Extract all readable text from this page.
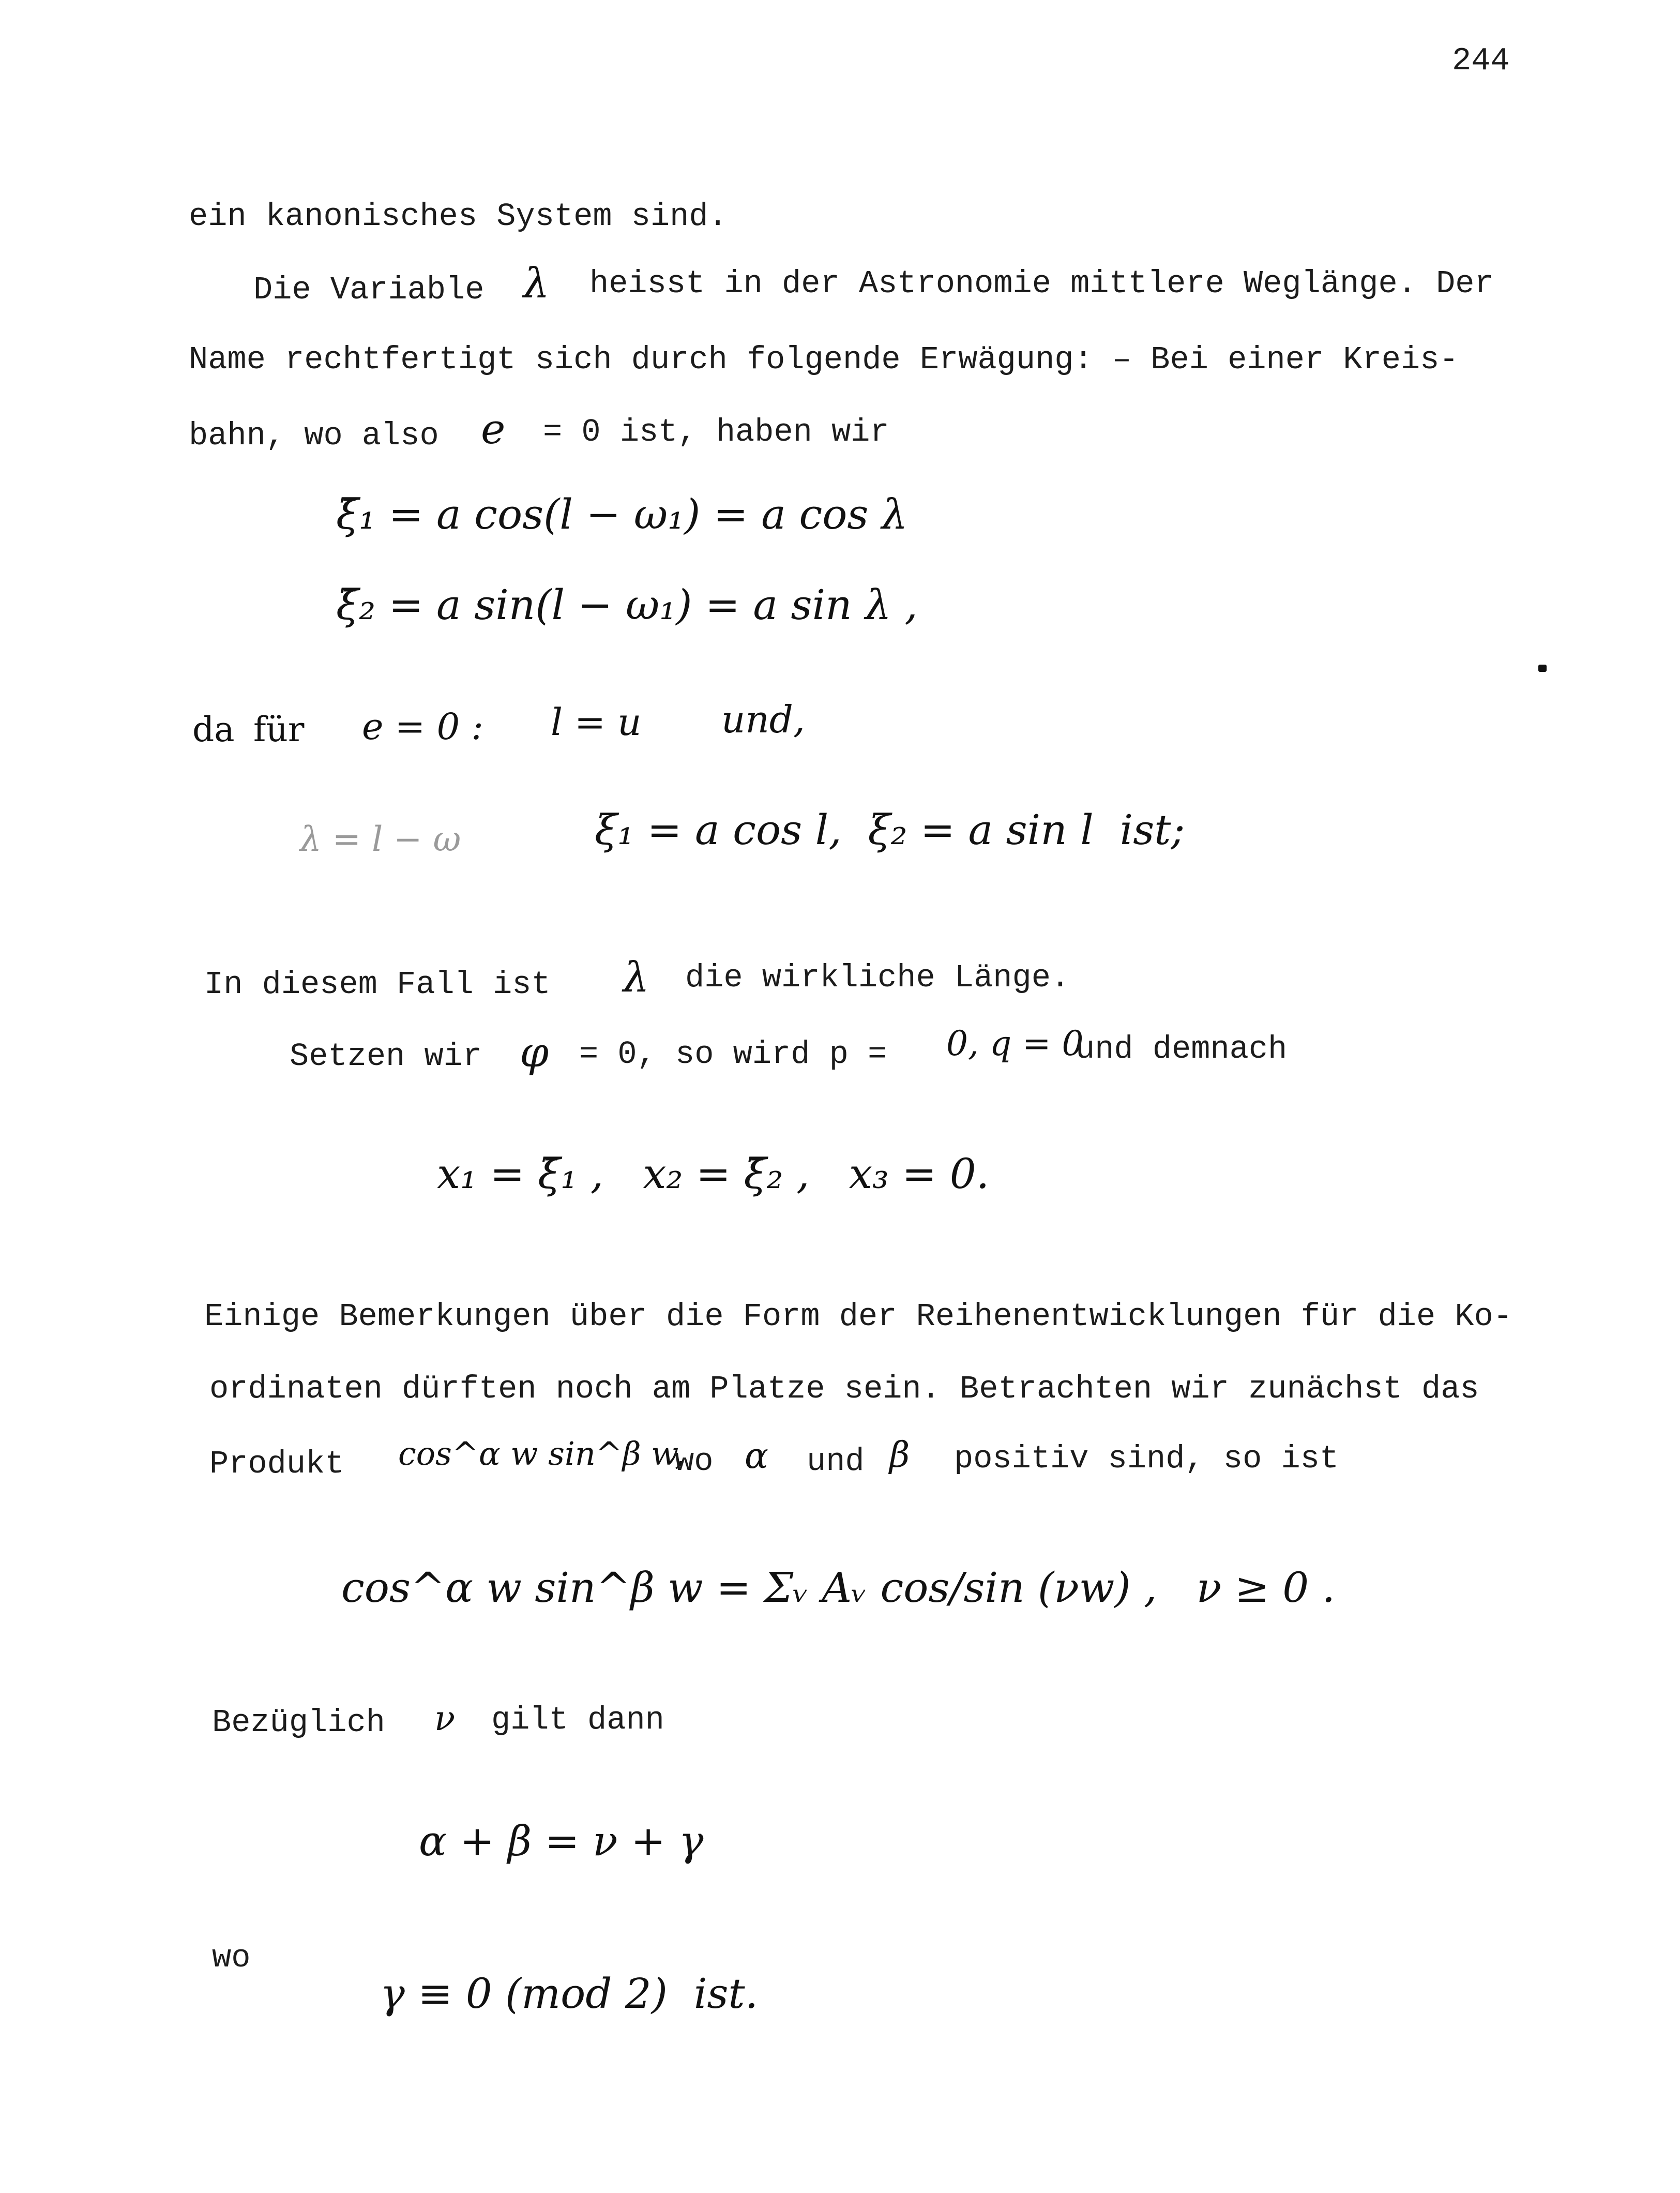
244
ein kanonisches System sind.
Die Variable λ heisst in der Astronomie mittlere Weglänge. Der
Name rechtfertigt sich durch folgende Erwägung: – Bei einer Kreis-
bahn, wo also e = 0 ist, haben wir
ξ̄₁ = a cos(l − ω₁) = a cos λ
ξ̄₂ = a sin(l − ω₁) = a sin λ ,
da für e = 0 : l = u und,
λ = l − ω	ξ₁ = a cos l,  ξ₂ = a sin l  ist;
In diesem Fall ist λ die wirkliche Länge.
Setzen wir φ = 0, so wird p = 0, q = 0
und demnach
x₁ = ξ̄₁ ,   x₂ = ξ̄₂ ,   x₃ = 0.
Einige Bemerkungen über die Form der Reihenentwicklungen für die Ko-
ordinaten dürften noch am Platze sein. Betrachten wir zunächst das
Produkt cos^α w sin^β w,
wo α und β positiv sind, so ist
cos^α w sin^β w = Σᵥ Aᵥ cos/sin (νw) ,   ν ≥ 0 .
Bezüglich ν gilt dann
α + β = ν + γ
wo
γ ≡ 0 (mod 2)  ist.
